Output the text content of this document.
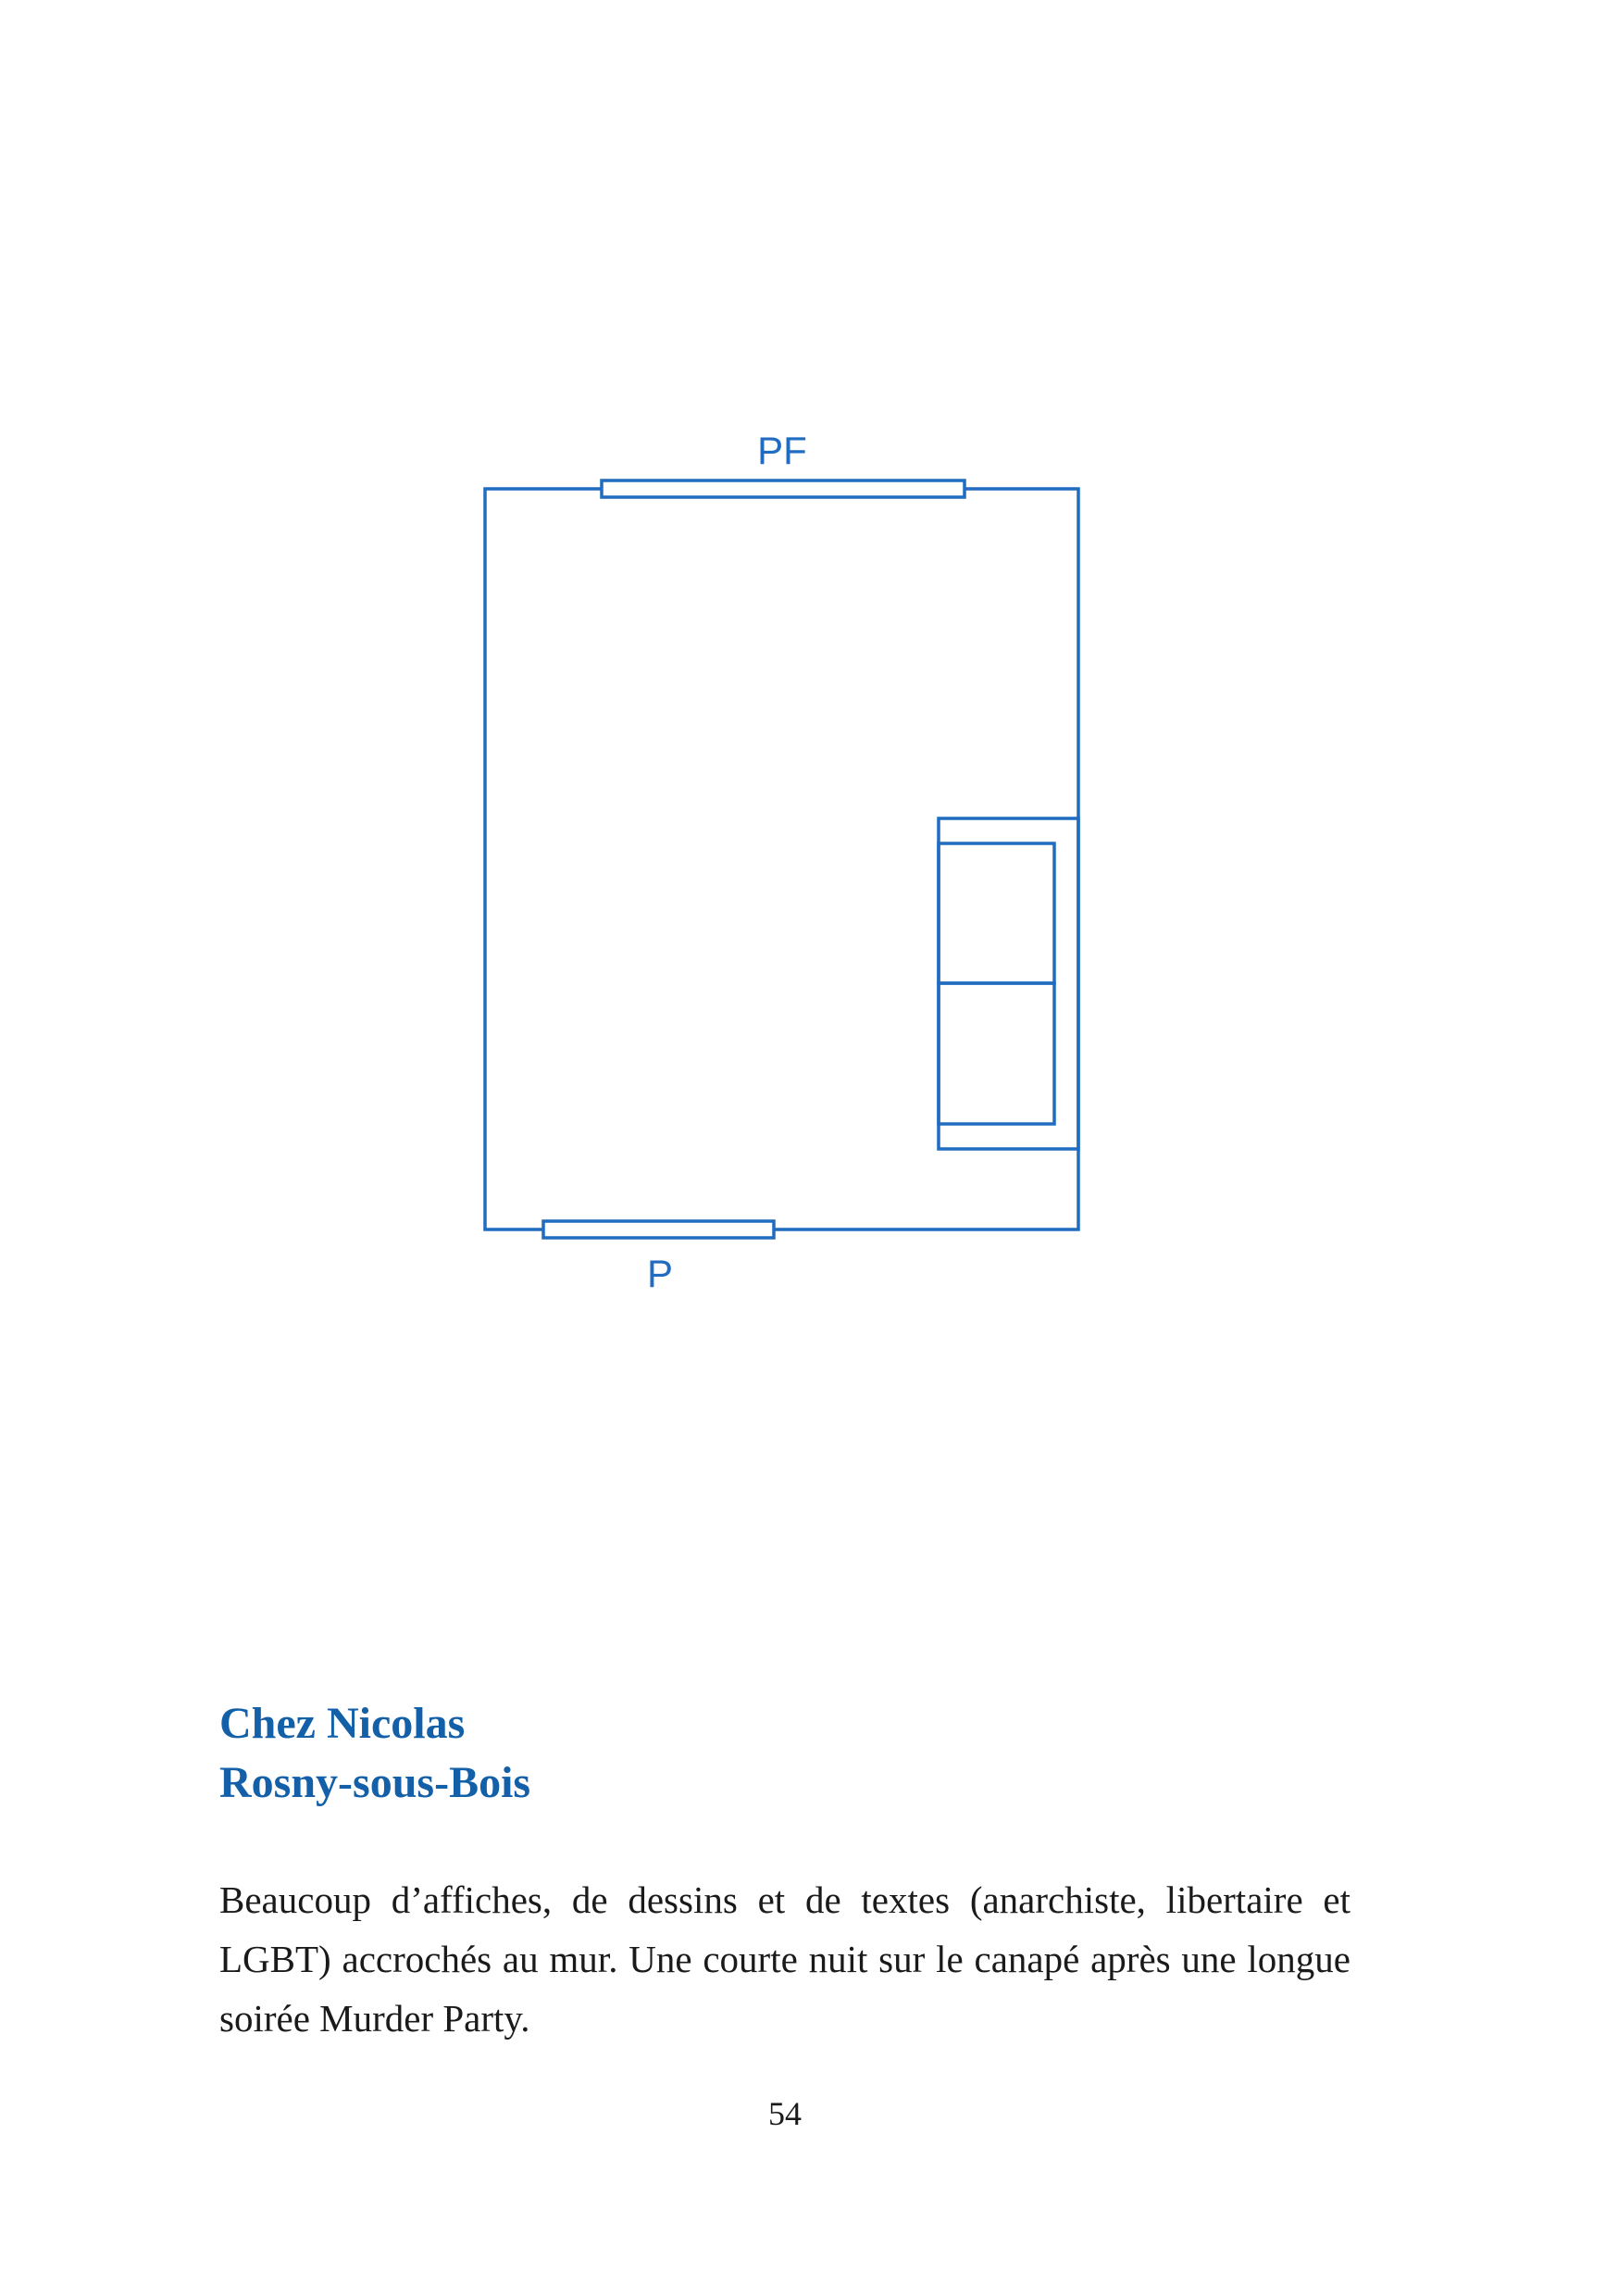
PF
P
Chez Nicolas
Rosny-sous-Bois

Beaucoup d’affiches, de dessins et de textes (anarchiste, libertaire et LGBT) accrochés au mur. Une courte nuit sur le canapé après une longue soirée Murder Party.

54
